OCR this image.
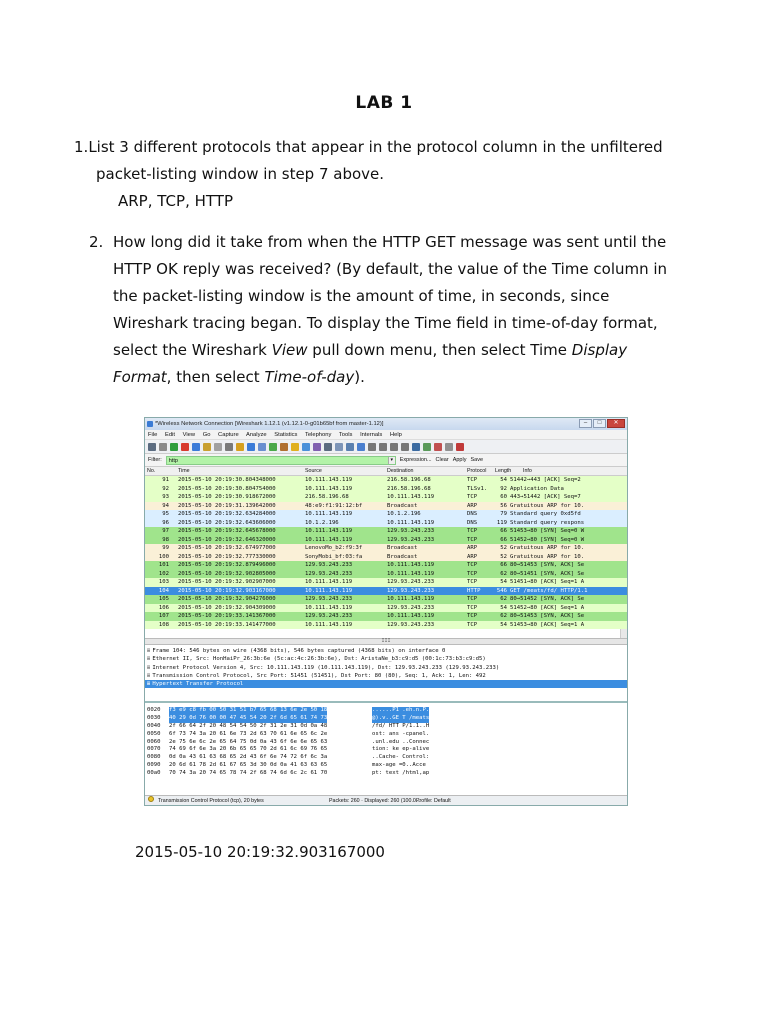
LAB 1
1.List 3 different protocols that appear in the protocol column in the unfiltered
packet-listing window in step 7 above.
ARP, TCP, HTTP
2. How long did it take from when the HTTP GET message was sent until the
HTTP OK reply was received? (By default, the value of the Time column in
the packet-listing window is the amount of time, in seconds, since
Wireshark tracing began. To display the Time field in time-of-day format,
select the Wireshark View pull down menu, then select Time Display
Format, then select Time-of-day).
2015-05-10 20:19:32.903167000
*Wireless Network Connection [Wireshark 1.12.1 (v1.12.1-0-g01b65bf from master-1.12)]	–	□	✕
File Edit View Go Capture Analyze Statistics Telephony Tools Internals Help
Filter:	http	▾	Expression... Clear Apply Save
No.	Time	Source	Destination	Protocol Length Info
91 2015-05-10 20:19:30.804348000	10.111.143.119	216.58.196.68	TCP	54 51442→443 [ACK] Seq=2
92 2015-05-10 20:19:30.804754000	10.111.143.119	216.58.196.68	TLSv1.	92 Application Data
93 2015-05-10 20:19:30.918672000	216.58.196.68	10.111.143.119	TCP	60 443→51442 [ACK] Seq=7
94 2015-05-10 20:19:31.139642000	48:e9:f1:91:12:bf	Broadcast	ARP	56 Gratuitous ARP for 10.
95 2015-05-10 20:19:32.634284000	10.111.143.119	10.1.2.196	DNS	79 Standard query 0xd5fd
96 2015-05-10 20:19:32.643606000	10.1.2.196	10.111.143.119	DNS	119 Standard query respons
97 2015-05-10 20:19:32.645678000	10.111.143.119	129.93.243.233	TCP	66 51453→80 [SYN] Seq=0 W
98 2015-05-10 20:19:32.646320000	10.111.143.119	129.93.243.233	TCP	66 51452→80 [SYN] Seq=0 W
99 2015-05-10 20:19:32.674977000	LenovoMo_b2:f9:3f	Broadcast	ARP	52 Gratuitous ARP for 10.
100 2015-05-10 20:19:32.777330000	SonyMobi_bf:03:fa	Broadcast	ARP	52 Gratuitous ARP for 10.
101 2015-05-10 20:19:32.879496000	129.93.243.233	10.111.143.119	TCP	66 80→51453 [SYN, ACK] Se
102 2015-05-10 20:19:32.902805000	129.93.243.233	10.111.143.119	TCP	62 80→51451 [SYN, ACK] Se
103 2015-05-10 20:19:32.902907000	10.111.143.119	129.93.243.233	TCP	54 51451→80 [ACK] Seq=1 A
104 2015-05-10 20:19:32.903167000	10.111.143.119	129.93.243.233	HTTP	546 GET /meats/fd/ HTTP/1.1
105 2015-05-10 20:19:32.904276000	129.93.243.233	10.111.143.119	TCP	62 80→51452 [SYN, ACK] Se
106 2015-05-10 20:19:32.904309000	10.111.143.119	129.93.243.233	TCP	54 51452→80 [ACK] Seq=1 A
107 2015-05-10 20:19:33.141367000	129.93.243.233	10.111.143.119	TCP	62 80→51453 [SYN, ACK] Se
108 2015-05-10 20:19:33.141477000	10.111.143.119	129.93.243.233	TCP	54 51453→80 [ACK] Seq=1 A
III
⊞ Frame 104: 546 bytes on wire (4368 bits), 546 bytes captured (4368 bits) on interface 0
⊞ Ethernet II, Src: HonHaiPr_26:3b:6e (5c:ac:4c:26:3b:6e), Dst: AristaNe_b3:c9:d5 (00:1c:73:b3:c9:d5)
⊞ Internet Protocol Version 4, Src: 10.111.143.119 (10.111.143.119), Dst: 129.93.243.233 (129.93.243.233)
⊞ Transmission Control Protocol, Src Port: 51451 (51451), Dst Port: 80 (80), Seq: 1, Ack: 1, Len: 492
⊞ Hypertext Transfer Protocol
0020 f3 e9 c8 fb 00 50 31 51 b7 65 68 13 6e 2e 50 18	......P1 .eh.n.P.
0030 40 29 0d 76 00 00 47 45 54 20 2f 6d 65 61 74 73	@).v..GE T /meats
0040 2f 66 64 2f 20 48 54 54 50 2f 31 2e 31 0d 0a 48	/fd/ HTT P/1.1..H
0050 6f 73 74 3a 20 61 6e 73 2d 63 70 61 6e 65 6c 2e	ost: ans -cpanel.
0060 2e 75 6e 6c 2e 65 64 75 0d 0a 43 6f 6e 6e 65 63	.unl.edu ..Connec
0070 74 69 6f 6e 3a 20 6b 65 65 70 2d 61 6c 69 76 65	tion: ke ep-alive
0080 0d 0a 43 61 63 68 65 2d 43 6f 6e 74 72 6f 6c 3a	..Cache- Control:
0090 20 6d 61 78 2d 61 67 65 3d 30 0d 0a 41 63 63 65	max-age =0..Acce
00a0 70 74 3a 20 74 65 78 74 2f 68 74 6d 6c 2c 61 70	pt: text /html,ap
Transmission Control Protocol (tcp), 20 bytes	Packets: 260 · Displayed: 260 (100.0...
Profile: Default
